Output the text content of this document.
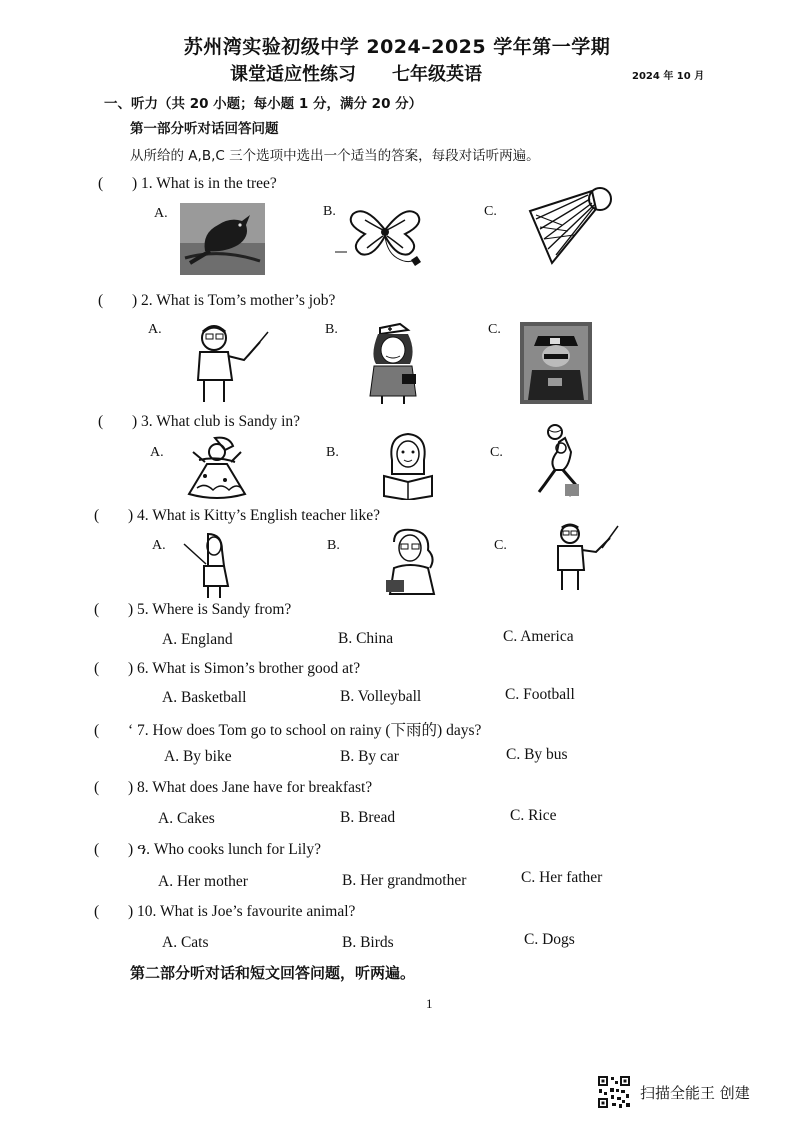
苏州湾实验初级中学 2024–2025 学年第一学期
课堂适应性练习 七年级英语	2024 年 10 月
一、听力（共 20 小题；每小题 1 分，满分 20 分）
第一部分听对话回答问题
从所给的 A,B,C 三个选项中选出一个适当的答案，每段对话听两遍。
( ) 1. What is in the tree?
A.	B.	C.
( ) 2. What is Tom’s mother’s job?
A.	B.	C.
( ) 3. What club is Sandy in?
A.	B.	C.
( ) 4. What is Kitty’s English teacher like?
A.	B.	C.
( ) 5. Where is Sandy from?
A. England	B. China	C. America
( ) 6. What is Simon’s brother good at?
A. Basketball	B. Volleyball	C. Football
( ‘ 7. How does Tom go to school on rainy (下雨的) days?
A. By bike	B. By car	C. By bus
( ) 8. What does Jane have for breakfast?
A. Cakes	B. Bread	C. Rice
( ) ዓ. Who cooks lunch for Lily?
A. Her mother	B. Her grandmother	C. Her father
( ) 10. What is Joe’s favourite animal?
A. Cats	B. Birds	C. Dogs
第二部分听对话和短文回答问题，听两遍。
1
扫描全能王 创建
